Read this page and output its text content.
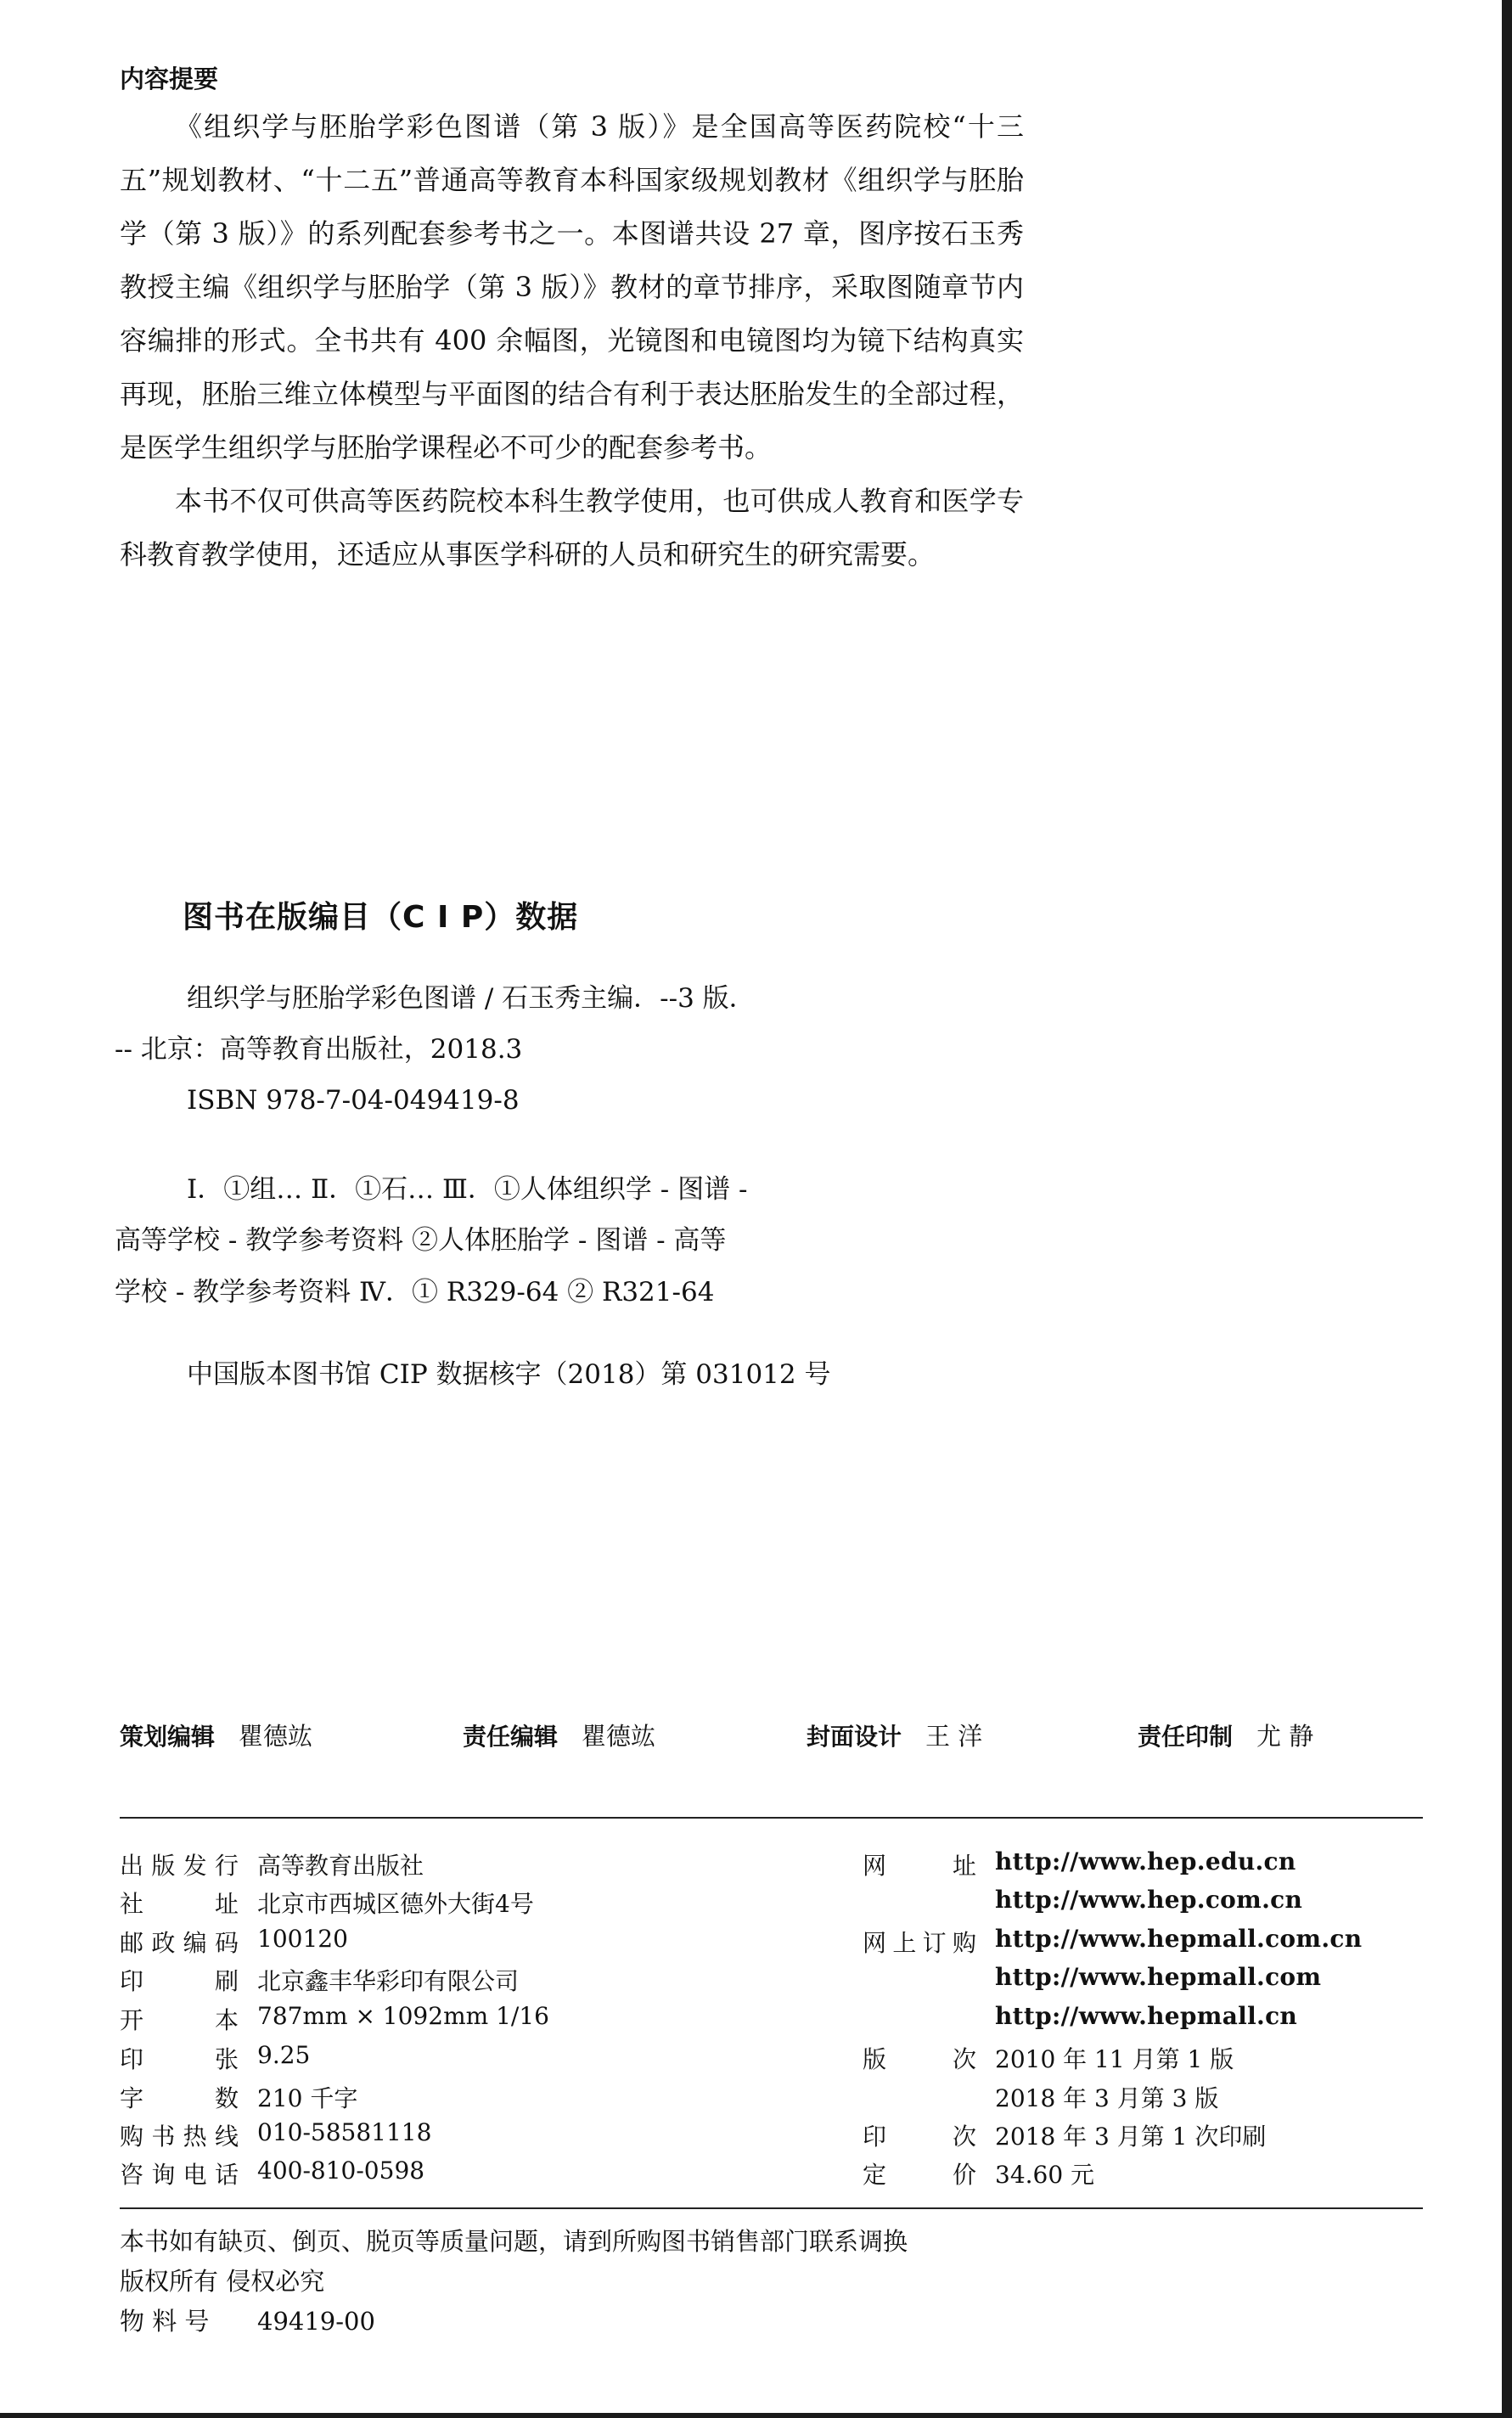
内容提要
《组织学与胚胎学彩色图谱（第 3 版）》是全国高等医药院校“十三五”规划教材、“十二五”普通高等教育本科国家级规划教材《组织学与胚胎学（第 3 版）》的系列配套参考书之一。本图谱共设 27 章，图序按石玉秀教授主编《组织学与胚胎学（第 3 版）》教材的章节排序，采取图随章节内容编排的形式。全书共有 400 余幅图，光镜图和电镜图均为镜下结构真实再现，胚胎三维立体模型与平面图的结合有利于表达胚胎发生的全部过程，是医学生组织学与胚胎学课程必不可少的配套参考书。
本书不仅可供高等医药院校本科生教学使用，也可供成人教育和医学专科教育教学使用，还适应从事医学科研的人员和研究生的研究需要。
图书在版编目（C I P）数据
组织学与胚胎学彩色图谱 / 石玉秀主编．--3 版．
-- 北京：高等教育出版社，2018.3
ISBN 978-7-04-049419-8
Ⅰ．①组… Ⅱ．①石… Ⅲ．①人体组织学 - 图谱 -
高等学校 - 教学参考资料 ②人体胚胎学 - 图谱 - 高等
学校 - 教学参考资料 Ⅳ．① R329-64 ② R321-64
中国版本图书馆 CIP 数据核字（2018）第 031012 号
策划编辑 瞿德竑	责任编辑 瞿德竑	封面设计 王 洋	责任印制 尤 静
出版发行 高等教育出版社
社址 北京市西城区德外大街4号
邮政编码 100120
印刷 北京鑫丰华彩印有限公司
开本 787mm × 1092mm 1/16
印张 9.25
字数 210 千字
购书热线 010-58581118
咨询电话 400-810-0598
网址 http://www.hep.edu.cn
http://www.hep.com.cn
网上订购 http://www.hepmall.com.cn
http://www.hepmall.com
http://www.hepmall.cn
版次 2010 年 11 月第 1 版
2018 年 3 月第 3 版
印次 2018 年 3 月第 1 次印刷
定价 34.60 元
本书如有缺页、倒页、脱页等质量问题，请到所购图书销售部门联系调换
版权所有 侵权必究
物 料 号 49419-00
